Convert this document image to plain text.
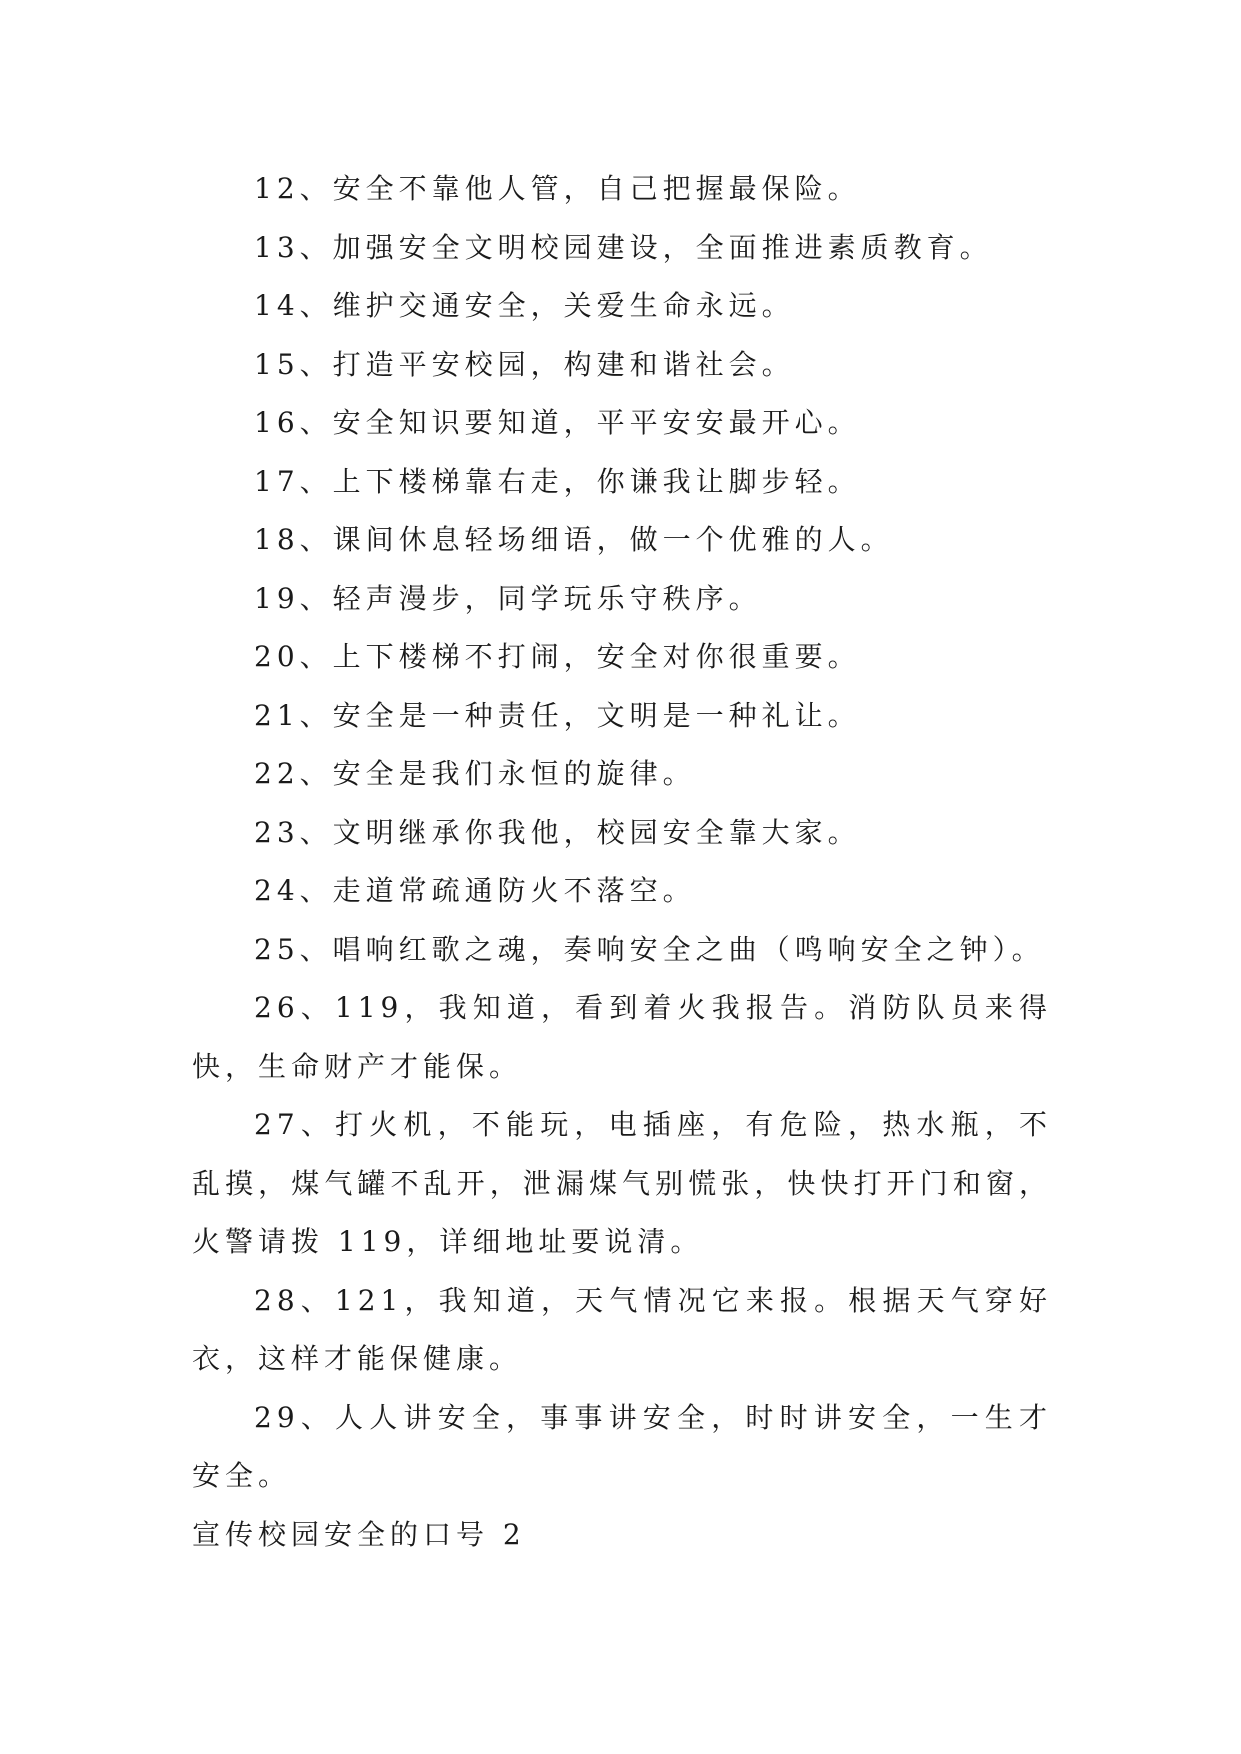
12、安全不靠他人管，自己把握最保险。

13、加强安全文明校园建设，全面推进素质教育。

14、维护交通安全，关爱生命永远。

15、打造平安校园，构建和谐社会。

16、安全知识要知道，平平安安最开心。

17、上下楼梯靠右走，你谦我让脚步轻。

18、课间休息轻场细语，做一个优雅的人。

19、轻声漫步，同学玩乐守秩序。

20、上下楼梯不打闹，安全对你很重要。

21、安全是一种责任，文明是一种礼让。

22、安全是我们永恒的旋律。

23、文明继承你我他，校园安全靠大家。

24、走道常疏通防火不落空。

25、唱响红歌之魂，奏响安全之曲（鸣响安全之钟）。

26、119，我知道，看到着火我报告。消防队员来得快，生命财产才能保。

27、打火机，不能玩，电插座，有危险，热水瓶，不乱摸，煤气罐不乱开，泄漏煤气别慌张，快快打开门和窗，火警请拨 119，详细地址要说清。

28、121，我知道，天气情况它来报。根据天气穿好衣，这样才能保健康。

29、人人讲安全，事事讲安全，时时讲安全，一生才安全。

宣传校园安全的口号 2
